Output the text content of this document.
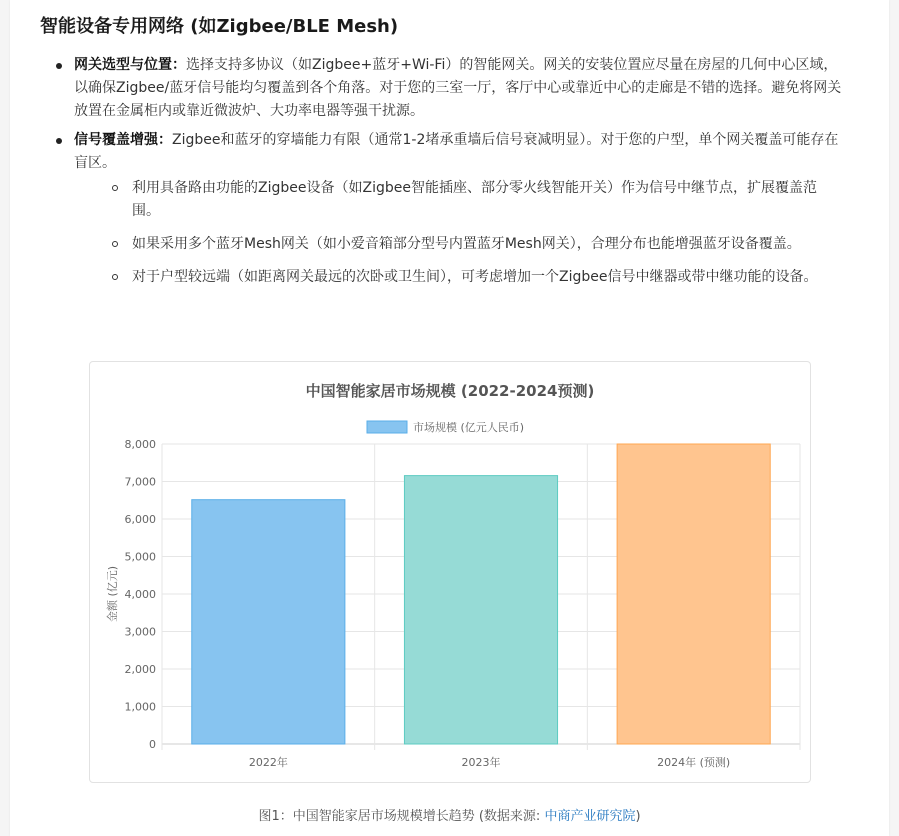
智能设备专用网络 (如Zigbee/BLE Mesh)
网关选型与位置：选择支持多协议（如Zigbee+蓝牙+Wi-Fi）的智能网关。网关的安装位置应尽量在房屋的几何中心区域，以确保Zigbee/蓝牙信号能均匀覆盖到各个角落。对于您的三室一厅，客厅中心或靠近中心的走廊是不错的选择。避免将网关放置在金属柜内或靠近微波炉、大功率电器等强干扰源。
信号覆盖增强：Zigbee和蓝牙的穿墙能力有限（通常1-2堵承重墙后信号衰减明显）。对于您的户型，单个网关覆盖可能存在盲区。
利用具备路由功能的Zigbee设备（如Zigbee智能插座、部分零火线智能开关）作为信号中继节点，扩展覆盖范围。
如果采用多个蓝牙Mesh网关（如小爱音箱部分型号内置蓝牙Mesh网关），合理分布也能增强蓝牙设备覆盖。
对于户型较远端（如距离网关最远的次卧或卫生间），可考虑增加一个Zigbee信号中继器或带中继功能的设备。
中国智能家居市场规模 (2022-2024预测)
市场规模 (亿元人民币)
0
1,000
2,000
3,000
4,000
5,000
6,000
7,000
8,000
金额 (亿元)
2022年	2023年	2024年 (预测)
图1：中国智能家居市场规模增长趋势 (数据来源: 中商产业研究院)
